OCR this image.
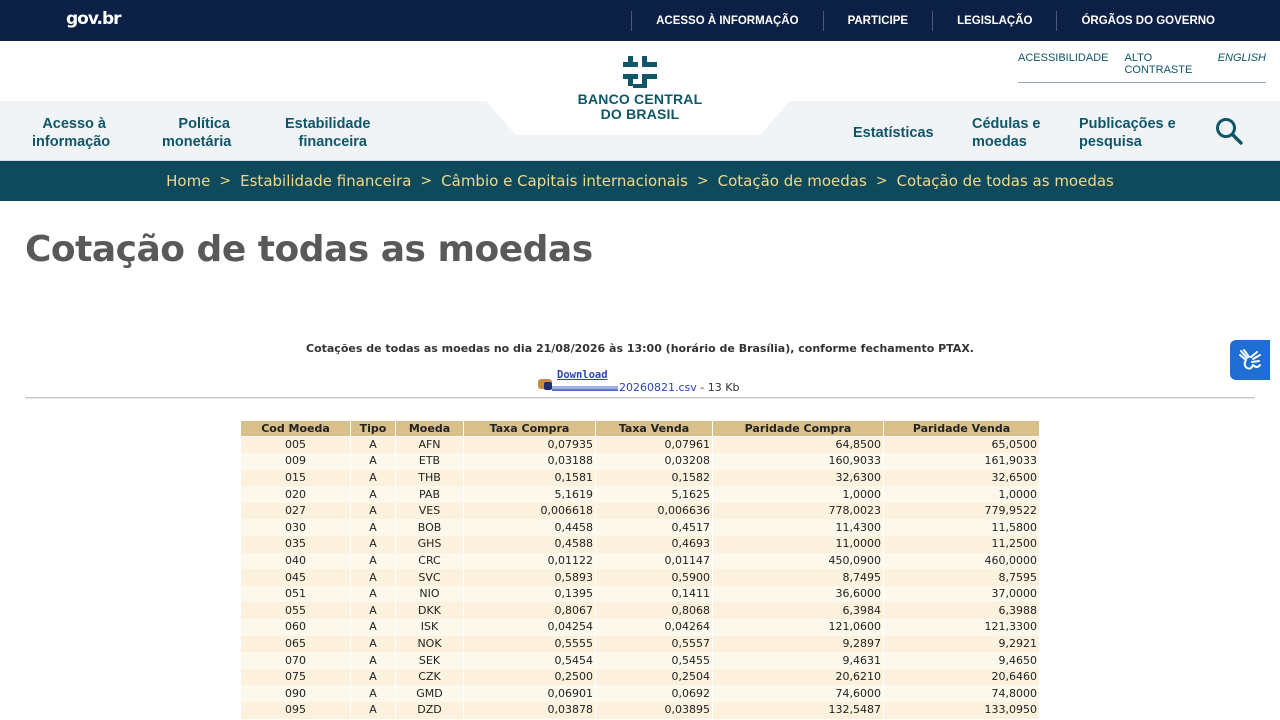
gov.br	ACESSO À INFORMAÇÃO	PARTICIPE	LEGISLAÇÃO	ÓRGÃOS DO GOVERNO
ACESSIBILIDADE ALTO CONTRASTE
ENGLISH
Acesso à
informação
Política
monetária
Estabilidade
financeira
Estatísticas
Cédulas e
moedas
Publicações e
pesquisa
BANCO CENTRAL
DO BRASIL
Home > Estabilidade financeira > Câmbio e Capitais internacionais > Cotação de moedas > Cotação de todas as moedas
Cotação de todas as moedas
Cotações de todas as moedas no dia 21/08/2026 às 13:00 (horário de Brasília), conforme fechamento PTAX.
Download
20260821.csv - 13 Kb
Cod Moeda	Tipo	Moeda	Taxa Compra	Taxa Venda	Paridade Compra	Paridade Venda
005	A	AFN	0,07935	0,07961	64,8500	65,0500
009	A	ETB	0,03188	0,03208	160,9033	161,9033
015	A	THB	0,1581	0,1582	32,6300	32,6500
020	A	PAB	5,1619	5,1625	1,0000	1,0000
027	A	VES	0,006618	0,006636	778,0023	779,9522
030	A	BOB	0,4458	0,4517	11,4300	11,5800
035	A	GHS	0,4588	0,4693	11,0000	11,2500
040	A	CRC	0,01122	0,01147	450,0900	460,0000
045	A	SVC	0,5893	0,5900	8,7495	8,7595
051	A	NIO	0,1395	0,1411	36,6000	37,0000
055	A	DKK	0,8067	0,8068	6,3984	6,3988
060	A	ISK	0,04254	0,04264	121,0600	121,3300
065	A	NOK	0,5555	0,5557	9,2897	9,2921
070	A	SEK	0,5454	0,5455	9,4631	9,4650
075	A	CZK	0,2500	0,2504	20,6210	20,6460
090	A	GMD	0,06901	0,0692	74,6000	74,8000
095	A	DZD	0,03878	0,03895	132,5487	133,0950
